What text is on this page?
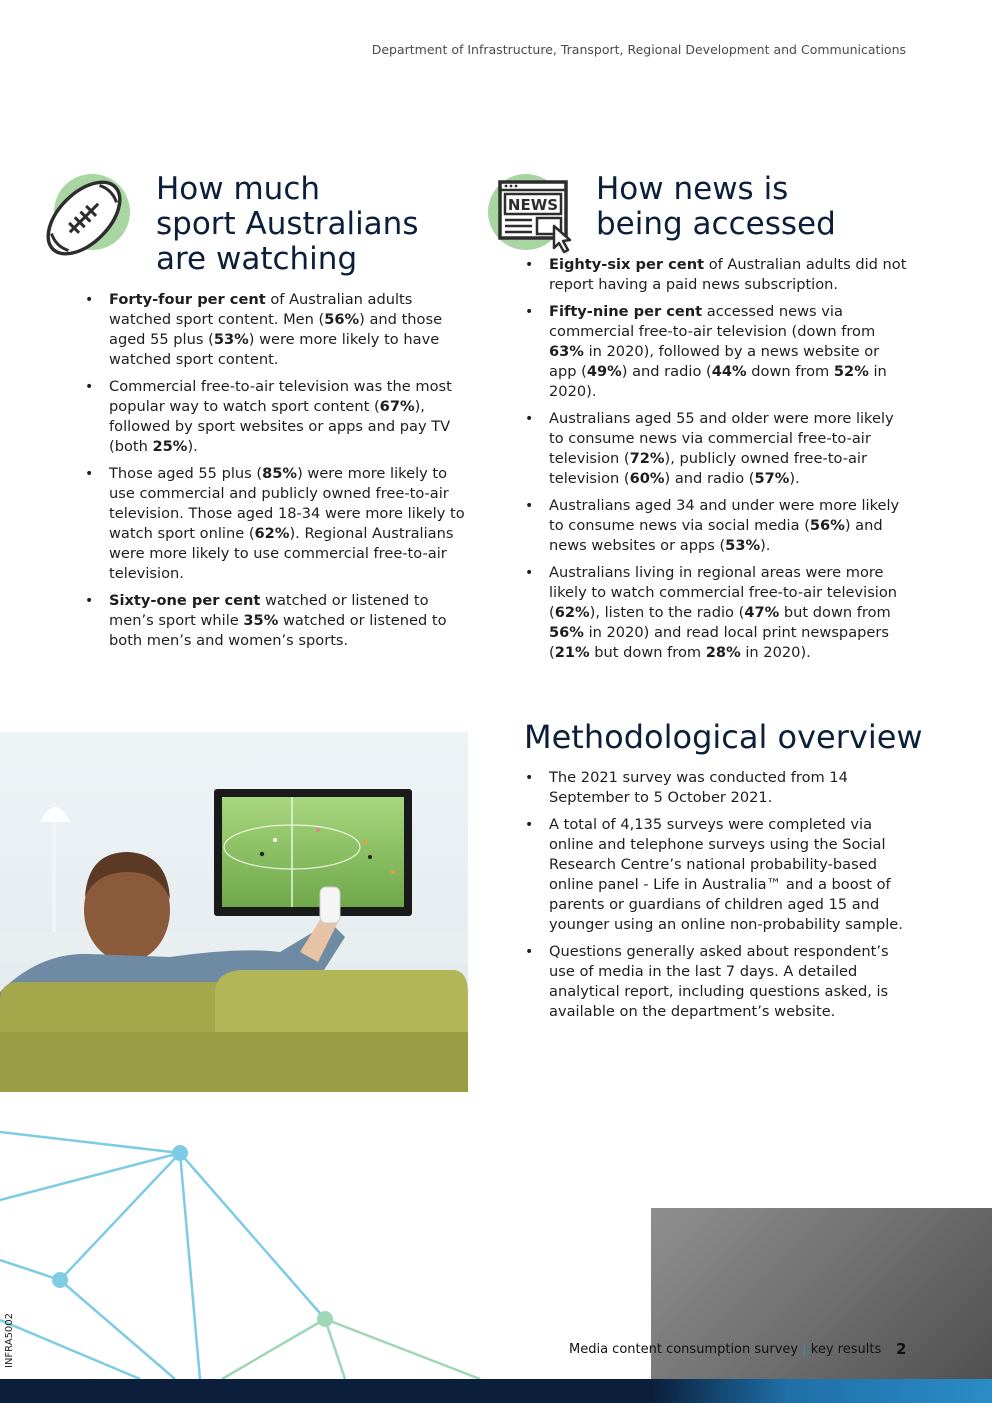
Department of Infrastructure, Transport, Regional Development and Communications
How much
sport Australians
are watching
• Forty-four per cent of Australian adults watched sport content. Men (56%) and those aged 55 plus (53%) were more likely to have watched sport content.
• Commercial free-to-air television was the most popular way to watch sport content (67%), followed by sport websites or apps and pay TV (both 25%).
• Those aged 55 plus (85%) were more likely to use commercial and publicly owned free-to-air television. Those aged 18-34 were more likely to watch sport online (62%). Regional Australians were more likely to use commercial free-to-air television.
• Sixty-one per cent watched or listened to men’s sport while 35% watched or listened to both men’s and women’s sports.
NEWS How news is
being accessed
• Eighty-six per cent of Australian adults did not report having a paid news subscription.
• Fifty-nine per cent accessed news via commercial free-to-air television (down from 63% in 2020), followed by a news website or app (49%) and radio (44% down from 52% in 2020).
• Australians aged 55 and older were more likely to consume news via commercial free-to-air television (72%), publicly owned free-to-air television (60%) and radio (57%).
• Australians aged 34 and under were more likely to consume news via social media (56%) and news websites or apps (53%).
• Australians living in regional areas were more likely to watch commercial free-to-air television (62%), listen to the radio (47% but down from 56% in 2020) and read local print newspapers (21% but down from 28% in 2020).
Methodological overview
• The 2021 survey was conducted from 14 September to 5 October 2021.
• A total of 4,135 surveys were completed via online and telephone surveys using the Social Research Centre’s national probability-based online panel - Life in Australia™ and a boost of parents or guardians of children aged 15 and younger using an online non-probability sample.
• Questions generally asked about respondent’s use of media in the last 7 days. A detailed analytical report, including questions asked, is available on the department’s website.
Media content consumption survey | key results 2
INFRA5002
